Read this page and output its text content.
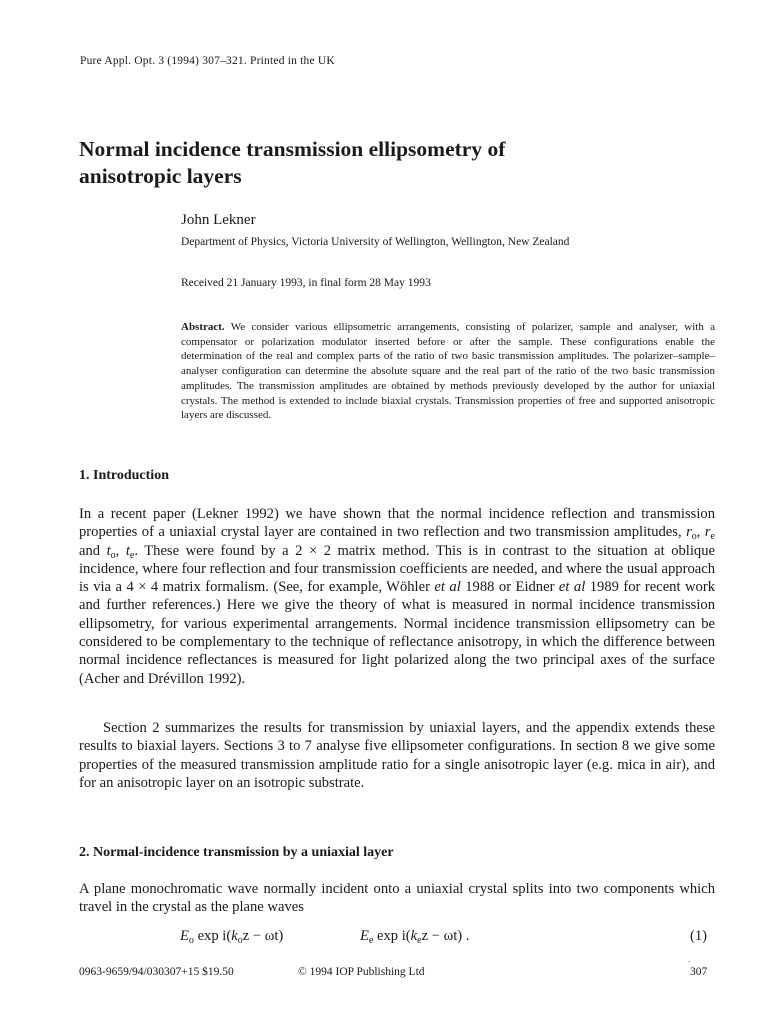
Pure Appl. Opt. 3 (1994) 307–321. Printed in the UK
Normal incidence transmission ellipsometry of
anisotropic layers
John Lekner
Department of Physics, Victoria University of Wellington, Wellington, New Zealand
Received 21 January 1993, in final form 28 May 1993
Abstract. We consider various ellipsometric arrangements, consisting of polarizer, sample and analyser, with a compensator or polarization modulator inserted before or after the sample. These configurations enable the determination of the real and complex parts of the ratio of two basic transmission amplitudes. The polarizer–sample–analyser configuration can determine the absolute square and the real part of the ratio of the two basic transmission amplitudes. The transmission amplitudes are obtained by methods previously developed by the author for uniaxial crystals. The method is extended to include biaxial crystals. Transmission properties of free and supported anisotropic layers are discussed.
1. Introduction
In a recent paper (Lekner 1992) we have shown that the normal incidence reflection and transmission properties of a uniaxial crystal layer are contained in two reflection and two transmission amplitudes, $r_o$, $r_e$ and $t_o$, $t_e$. These were found by a 2 × 2 matrix method. This is in contrast to the situation at oblique incidence, where four reflection and four transmission coefficients are needed, and where the usual approach is via a 4 × 4 matrix formalism. (See, for example, Wöhler et al 1988 or Eidner et al 1989 for recent work and further references.) Here we give the theory of what is measured in normal incidence transmission ellipsometry, for various experimental arrangements. Normal incidence transmission ellipsometry can be considered to be complementary to the technique of reflectance anisotropy, in which the difference between normal incidence reflectances is measured for light polarized along the two principal axes of the surface (Acher and Drévillon 1992).
Section 2 summarizes the results for transmission by uniaxial layers, and the appendix extends these results to biaxial layers. Sections 3 to 7 analyse five ellipsometer configurations. In section 8 we give some properties of the measured transmission amplitude ratio for a single anisotropic layer (e.g. mica in air), and for an anisotropic layer on an isotropic substrate.
2. Normal-incidence transmission by a uniaxial layer
A plane monochromatic wave normally incident onto a uniaxial crystal splits into two components which travel in the crystal as the plane waves
$E_o$ $\exp i(k_oz - \omega t)$	$E_e$ $\exp i(k_ez - \omega t)$ .	(1)
.
0963-9659/94/030307+15 $19.50	© 1994 IOP Publishing Ltd	307
